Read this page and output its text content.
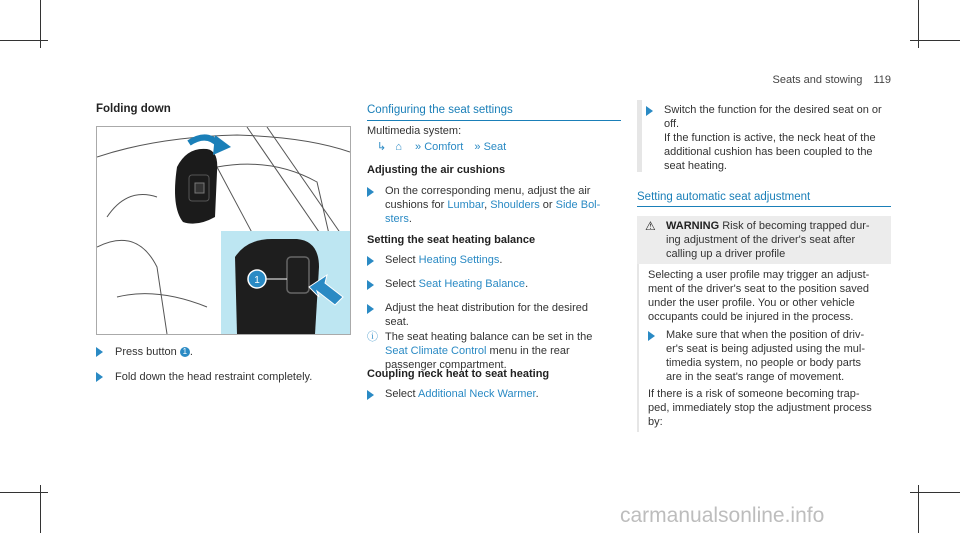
Seats and stowing 119
Folding down
1
Press button 1 .
Fold down the head restraint completely.
Configuring the seat settings
Multimedia system:
↳ ⌂ » Comfort » Seat
Adjusting the air cushions
On the corresponding menu, adjust the air
cushions for Lumbar, Shoulders or Side Bol-
sters.
Setting the seat heating balance
Select Heating Settings.
Select Seat Heating Balance.
Adjust the heat distribution for the desired
seat.
ⓘ The seat heating balance can be set in the
Seat Climate Control menu in the rear
passenger compartment.
Coupling neck heat to seat heating
Select Additional Neck Warmer.
Switch the function for the desired seat on or
off.
If the function is active, the neck heat of the
additional cushion has been coupled to the
seat heating.
Setting automatic seat adjustment
⚠ WARNING Risk of becoming trapped dur-
ing adjustment of the driver's seat after
calling up a driver profile
Selecting a user profile may trigger an adjust-
ment of the driver's seat to the position saved
under the user profile. You or other vehicle
occupants could be injured in the process.
Make sure that when the position of driv-
er's seat is being adjusted using the mul-
timedia system, no people or body parts
are in the seat's range of movement.
If there is a risk of someone becoming trap-
ped, immediately stop the adjustment process
by:
carmanualsonline.info
